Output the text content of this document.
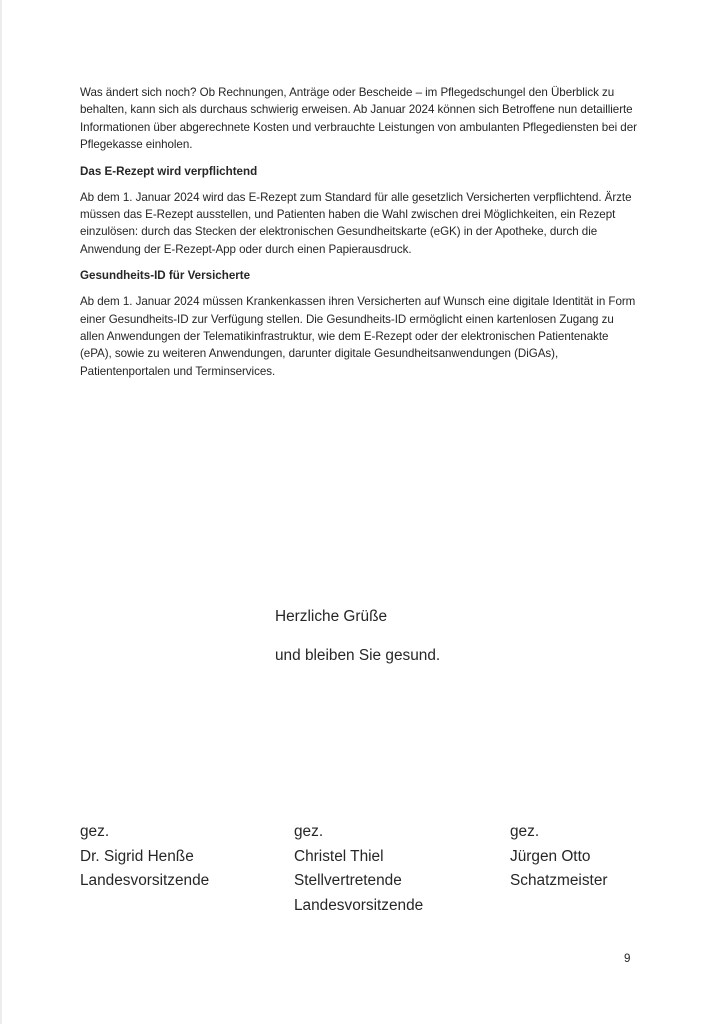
Was ändert sich noch? Ob Rechnungen, Anträge oder Bescheide – im Pflegedschungel den Überblick zu behalten, kann sich als durchaus schwierig erweisen. Ab Januar 2024 können sich Betroffene nun detaillierte Informationen über abgerechnete Kosten und verbrauchte Leistungen von ambulanten Pflegediensten bei der Pflegekasse einholen.

Das E-Rezept wird verpflichtend

Ab dem 1. Januar 2024 wird das E-Rezept zum Standard für alle gesetzlich Versicherten verpflichtend. Ärzte müssen das E-Rezept ausstellen, und Patienten haben die Wahl zwischen drei Möglichkeiten, ein Rezept einzulösen: durch das Stecken der elektronischen Gesundheitskarte (eGK) in der Apotheke, durch die Anwendung der E-Rezept-App oder durch einen Papierausdruck.

Gesundheits-ID für Versicherte

Ab dem 1. Januar 2024 müssen Krankenkassen ihren Versicherten auf Wunsch eine digitale Identität in Form einer Gesundheits-ID zur Verfügung stellen. Die Gesundheits-ID ermöglicht einen kartenlosen Zugang zu allen Anwendungen der Telematikinfrastruktur, wie dem E-Rezept oder der elektronischen Patientenakte (ePA), sowie zu weiteren Anwendungen, darunter digitale Gesundheitsanwendungen (DiGAs), Patientenportalen und Terminservices.

Herzliche Grüße
und bleiben Sie gesund.
gez.
Dr. Sigrid Henße
Landesvorsitzende
gez.
Christel Thiel
Stellvertretende
Landesvorsitzende
gez.
Jürgen Otto
Schatzmeister
9
